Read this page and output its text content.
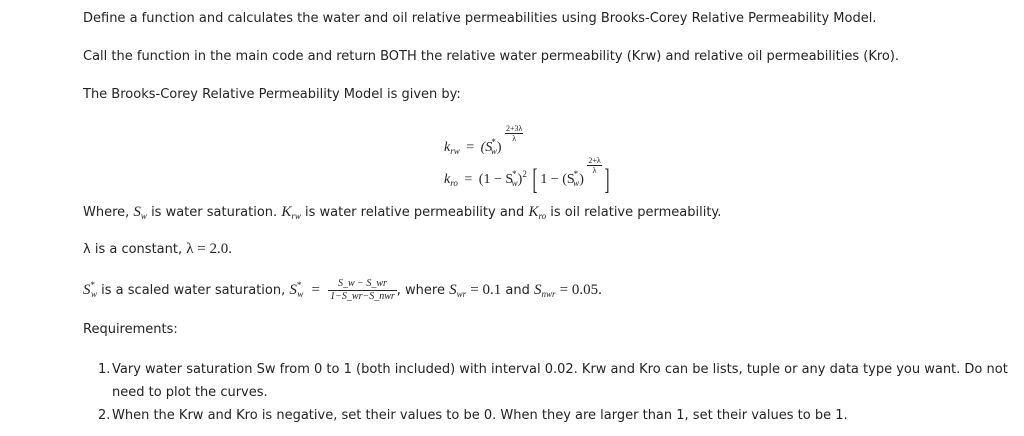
Define a function and calculates the water and oil relative permeabilities using Brooks-Corey Relative Permeability Model.
Call the function in the main code and return BOTH the relative water permeability (Krw) and relative oil permeabilities (Kro).
The Brooks-Corey Relative Permeability Model is given by:
$k_{rw} = (S^*_w)$
$\frac{2+3\lambda}{\lambda}$
$k_{ro} = (1 - S^*_w)^2$ [ $1 - (S^*_w)$
$\frac{2+\lambda}{\lambda}$ ]
Where, $S_w$ is water saturation. $K_{rw}$ is water relative permeability and $K_{ro}$ is oil relative permeability.
λ is a constant, λ = 2.0.
$S^*_w$ is a scaled water saturation, $S^*_w = \frac{S\_w - S\_wr}{\text{1−S\_wr−S\_nwr}}$ , where $S_{wr} = 0.1$ and $S_{nwr} = 0.05$.
Requirements:
1. Vary water saturation Sw from 0 to 1 (both included) with interval 0.02. Krw and Kro can be lists, tuple or any data type you want. Do not need to plot the curves.
2. When the Krw and Kro is negative, set their values to be 0. When they are larger than 1, set their values to be 1.
